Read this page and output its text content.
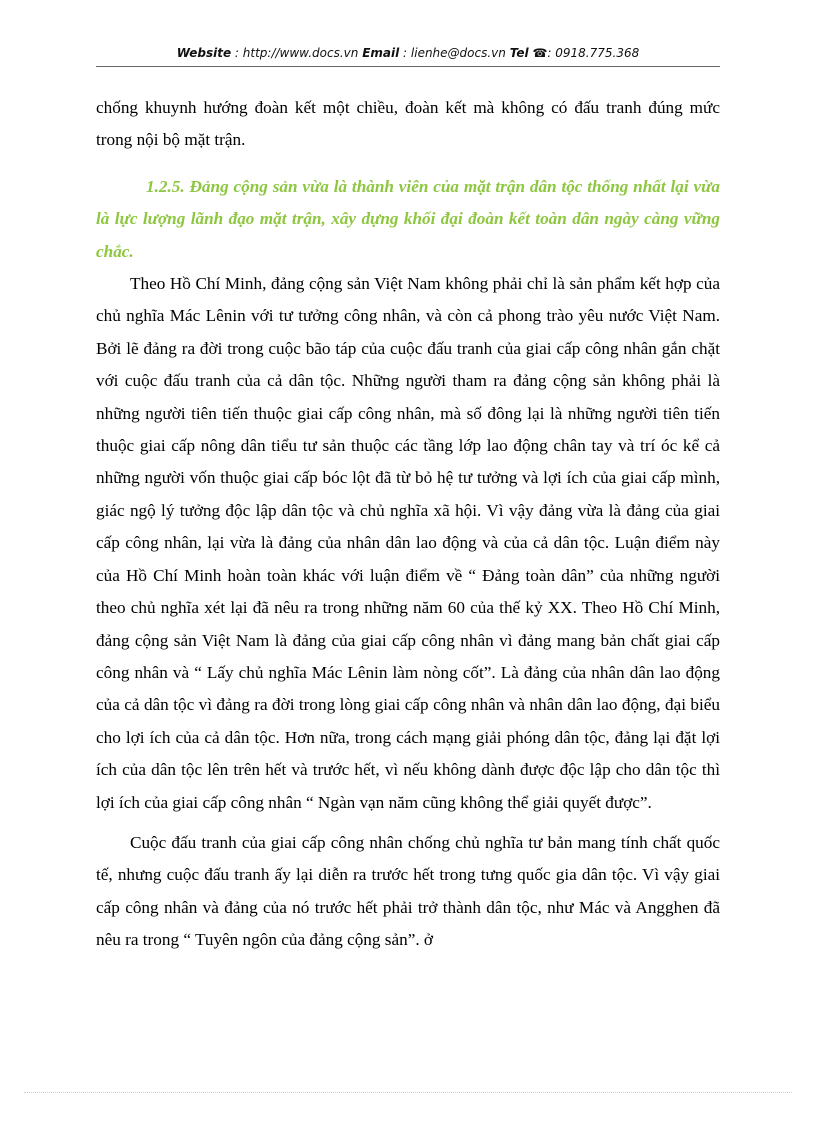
Website : http://www.docs.vn Email : lienhe@docs.vn Tel ☎: 0918.775.368

chống khuynh hướng đoàn kết một chiều, đoàn kết mà không có đấu tranh đúng mức trong nội bộ mặt trận.

1.2.5. Đảng cộng sản vừa là thành viên của mặt trận dân tộc thống nhất lại vừa là lực lượng lãnh đạo mặt trận, xây dựng khối đại đoàn kết toàn dân ngày càng vững chắc.

Theo Hồ Chí Minh, đảng cộng sản Việt Nam không phải chỉ là sản phẩm kết hợp của chủ nghĩa Mác Lênin với tư tưởng công nhân, và còn cả phong trào yêu nước Việt Nam. Bởi lẽ đảng ra đời trong cuộc bão táp của cuộc đấu tranh của giai cấp công nhân gắn chặt với cuộc đấu tranh của cả dân tộc. Những người tham ra đảng cộng sản không phải là những người tiên tiến thuộc giai cấp công nhân, mà số đông lại là những người tiên tiến thuộc giai cấp nông dân tiểu tư sản thuộc các tầng lớp lao động chân tay và trí óc kể cả những người vốn thuộc giai cấp bóc lột đã từ bỏ hệ tư tưởng và lợi ích của giai cấp mình, giác ngộ lý tưởng độc lập dân tộc và chủ nghĩa xã hội. Vì vậy đảng vừa là đảng của giai cấp công nhân, lại vừa là đảng của nhân dân lao động và của cả dân tộc. Luận điểm này của Hồ Chí Minh hoàn toàn khác với luận điểm về “ Đảng toàn dân” của những người theo chủ nghĩa xét lại đã nêu ra trong những năm 60 của thế kỷ XX. Theo Hồ Chí Minh, đảng cộng sản Việt Nam là đảng của giai cấp công nhân vì đảng mang bản chất giai cấp công nhân và “ Lấy chủ nghĩa Mác Lênin làm nòng cốt”. Là đảng của nhân dân lao động của cả dân tộc vì đảng ra đời trong lòng giai cấp công nhân và nhân dân lao động, đại biểu cho lợi ích của cả dân tộc. Hơn nữa, trong cách mạng giải phóng dân tộc, đảng lại đặt lợi ích của dân tộc lên trên hết và trước hết, vì nếu không dành được độc lập cho dân tộc thì lợi ích của giai cấp công nhân “ Ngàn vạn năm cũng không thể giải quyết được”.

Cuộc đấu tranh của giai cấp công nhân chống chủ nghĩa tư bản mang tính chất quốc tế, nhưng cuộc đấu tranh ấy lại diễn ra trước hết trong tưng quốc gia dân tộc. Vì vậy giai cấp công nhân và đảng của nó trước hết phải trở thành dân tộc, như Mác và Angghen đã nêu ra trong “ Tuyên ngôn của đảng cộng sản”. ở
